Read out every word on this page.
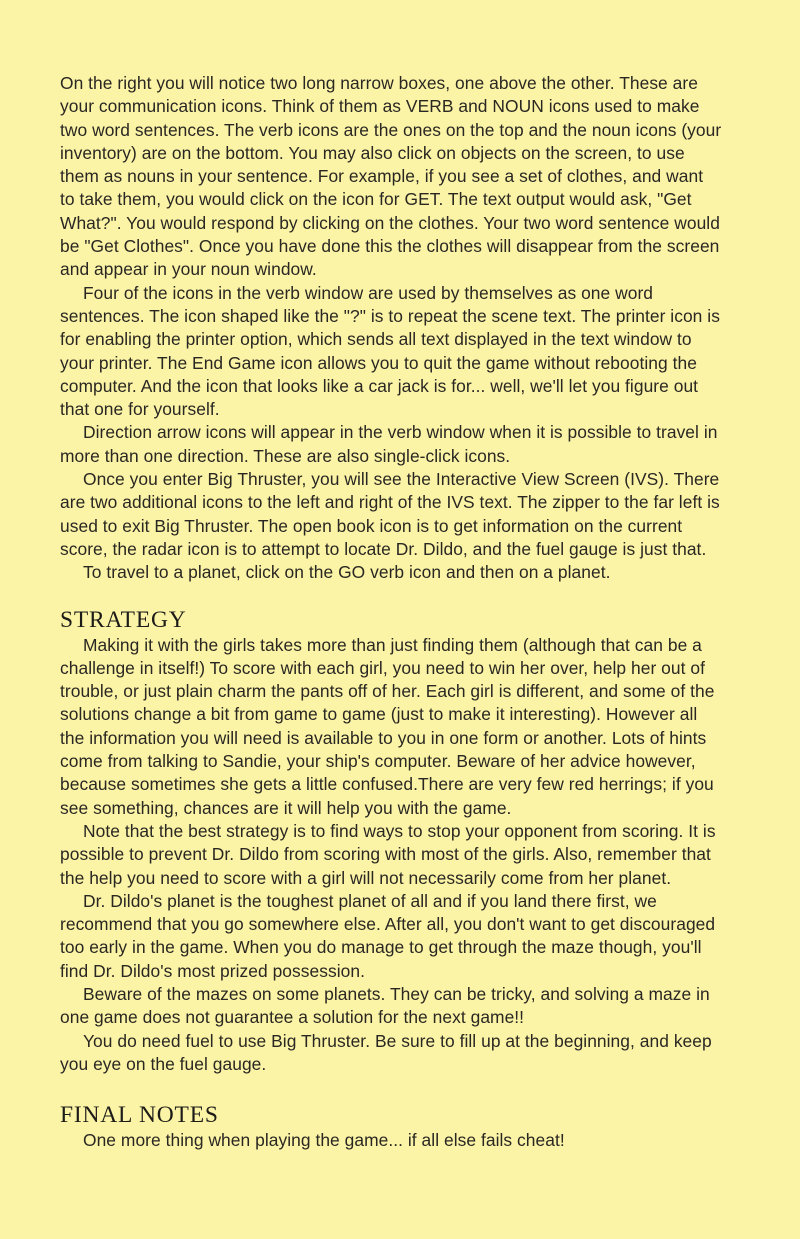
On the right you will notice two long narrow boxes, one above the other. These are your communication icons. Think of them as VERB and NOUN icons used to make two word sentences. The verb icons are the ones on the top and the noun icons (your inventory) are on the bottom. You may also click on objects on the screen, to use them as nouns in your sentence. For example, if you see a set of clothes, and want to take them, you would click on the icon for GET. The text output would ask, "Get What?". You would respond by clicking on the clothes. Your two word sentence would be "Get Clothes". Once you have done this the clothes will disappear from the screen and appear in your noun window.

Four of the icons in the verb window are used by themselves as one word sentences. The icon shaped like the "?" is to repeat the scene text. The printer icon is for enabling the printer option, which sends all text displayed in the text window to your printer. The End Game icon allows you to quit the game without rebooting the computer. And the icon that looks like a car jack is for... well, we'll let you figure out that one for yourself.

Direction arrow icons will appear in the verb window when it is possible to travel in more than one direction. These are also single-click icons.

Once you enter Big Thruster, you will see the Interactive View Screen (IVS). There are two additional icons to the left and right of the IVS text. The zipper to the far left is used to exit Big Thruster. The open book icon is to get information on the current score, the radar icon is to attempt to locate Dr. Dildo, and the fuel gauge is just that.

To travel to a planet, click on the GO verb icon and then on a planet.

STRATEGY

Making it with the girls takes more than just finding them (although that can be a challenge in itself!) To score with each girl, you need to win her over, help her out of trouble, or just plain charm the pants off of her. Each girl is different, and some of the solutions change a bit from game to game (just to make it interesting). However all the information you will need is available to you in one form or another. Lots of hints come from talking to Sandie, your ship's computer. Beware of her advice however, because sometimes she gets a little confused.There are very few red herrings; if you see something, chances are it will help you with the game.

Note that the best strategy is to find ways to stop your opponent from scoring. It is possible to prevent Dr. Dildo from scoring with most of the girls. Also, remember that the help you need to score with a girl will not necessarily come from her planet.

Dr. Dildo's planet is the toughest planet of all and if you land there first, we recommend that you go somewhere else. After all, you don't want to get discouraged too early in the game. When you do manage to get through the maze though, you'll find Dr. Dildo's most prized possession.

Beware of the mazes on some planets. They can be tricky, and solving a maze in one game does not guarantee a solution for the next game!!

You do need fuel to use Big Thruster. Be sure to fill up at the beginning, and keep you eye on the fuel gauge.

FINAL NOTES

One more thing when playing the game... if all else fails cheat!
